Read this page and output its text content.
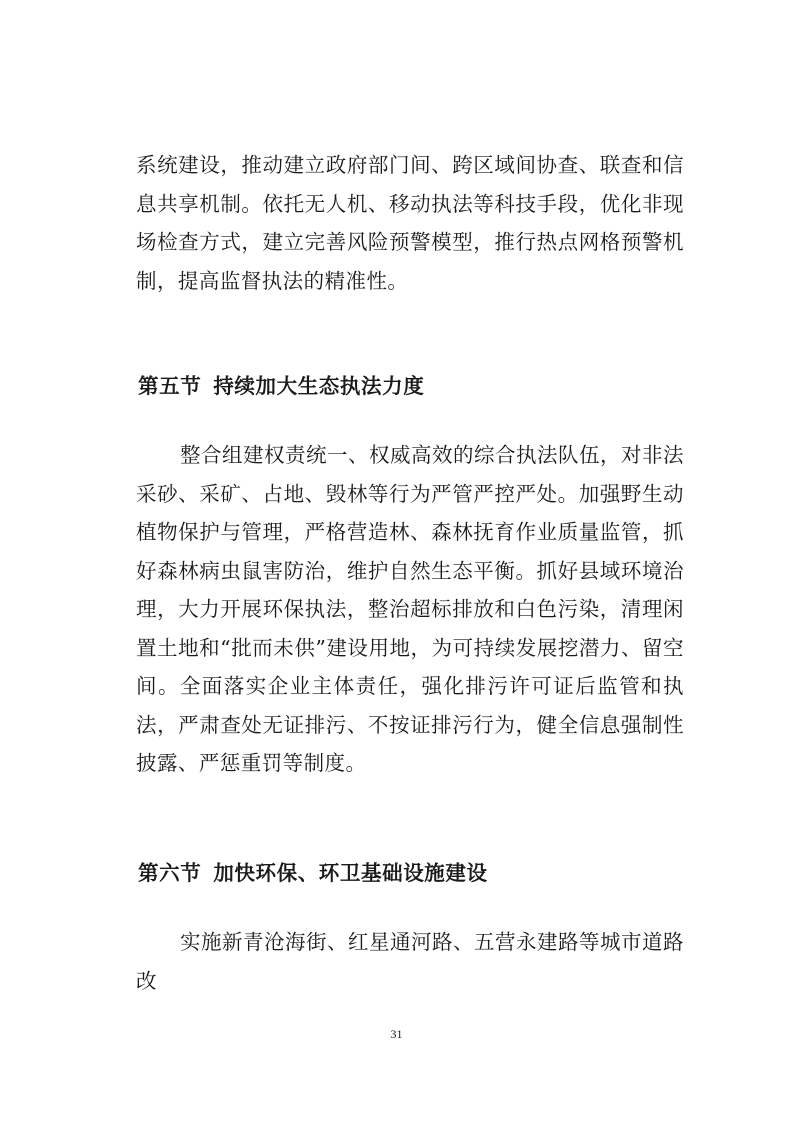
系统建设，推动建立政府部门间、跨区域间协查、联查和信息共享机制。依托无人机、移动执法等科技手段，优化非现场检查方式，建立完善风险预警模型，推行热点网格预警机制，提高监督执法的精准性。

第五节 持续加大生态执法力度

整合组建权责统一、权威高效的综合执法队伍，对非法采砂、采矿、占地、毁林等行为严管严控严处。加强野生动植物保护与管理，严格营造林、森林抚育作业质量监管，抓好森林病虫鼠害防治，维护自然生态平衡。抓好县域环境治理，大力开展环保执法，整治超标排放和白色污染，清理闲置土地和“批而未供”建设用地，为可持续发展挖潜力、留空间。全面落实企业主体责任，强化排污许可证后监管和执法，严肃查处无证排污、不按证排污行为，健全信息强制性披露、严惩重罚等制度。

第六节 加快环保、环卫基础设施建设

实施新青沧海街、红星通河路、五营永建路等城市道路改

31
